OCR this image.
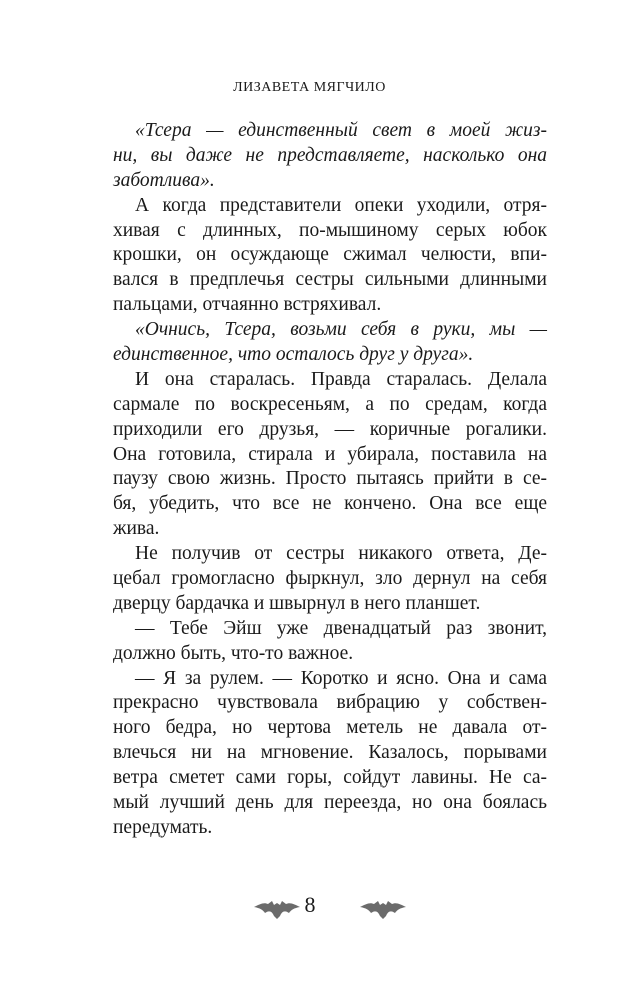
ЛИЗАВЕТА МЯГЧИЛО
«Тсера — единственный свет в моей жиз-
ни, вы даже не представляете, насколько она
заботлива».
А когда представители опеки уходили, отря-
хивая с длинных, по-мышиному серых юбок
крошки, он осуждающе сжимал челюсти, впи-
вался в предплечья сестры сильными длинными
пальцами, отчаянно встряхивал.
«Очнись, Тсера, возьми себя в руки, мы —
единственное, что осталось друг у друга».
И она старалась. Правда старалась. Делала
сармале по воскресеньям, а по средам, когда
приходили его друзья, — коричные рогалики.
Она готовила, стирала и убирала, поставила на
паузу свою жизнь. Просто пытаясь прийти в се-
бя, убедить, что все не кончено. Она все еще
жива.
Не получив от сестры никакого ответа, Де-
цебал громогласно фыркнул, зло дернул на себя
дверцу бардачка и швырнул в него планшет.
— Тебе Эйш уже двенадцатый раз звонит,
должно быть, что-то важное.
— Я за рулем. — Коротко и ясно. Она и сама
прекрасно чувствовала вибрацию у собствен-
ного бедра, но чертова метель не давала от-
влечься ни на мгновение. Казалось, порывами
ветра сметет сами горы, сойдут лавины. Не са-
мый лучший день для переезда, но она боялась
передумать.
8
